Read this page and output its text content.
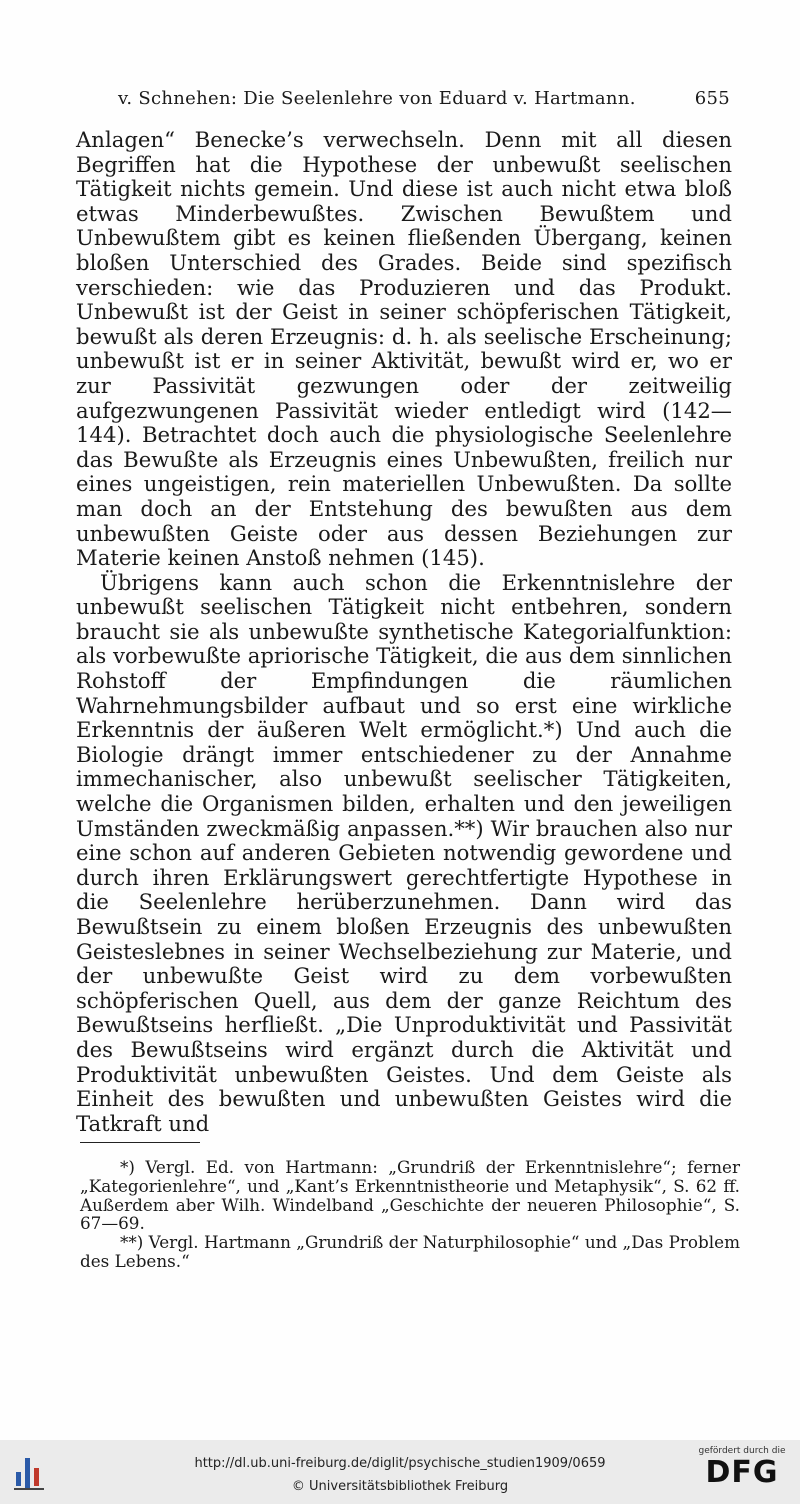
v. Schnehen: Die Seelenlehre von Eduard v. Hartmann.	655

Anlagen“ Benecke’s verwechseln. Denn mit all diesen Begriffen hat die Hypothese der unbewußt seelischen Tätigkeit nichts gemein. Und diese ist auch nicht etwa bloß etwas Minderbewußtes. Zwischen Bewußtem und Unbewußtem gibt es keinen fließenden Übergang, keinen bloßen Unterschied des Grades. Beide sind spezifisch verschieden: wie das Produzieren und das Produkt. Unbewußt ist der Geist in seiner schöpferischen Tätigkeit, bewußt als deren Erzeugnis: d. h. als seelische Erscheinung; unbewußt ist er in seiner Aktivität, bewußt wird er, wo er zur Passivität gezwungen oder der zeitweilig aufgezwungenen Passivität wieder entledigt wird (142—144). Betrachtet doch auch die physiologische Seelenlehre das Bewußte als Erzeugnis eines Unbewußten, freilich nur eines ungeistigen, rein materiellen Unbewußten. Da sollte man doch an der Entstehung des bewußten aus dem unbewußten Geiste oder aus dessen Beziehungen zur Materie keinen Anstoß nehmen (145).

Übrigens kann auch schon die Erkenntnislehre der unbewußt seelischen Tätigkeit nicht entbehren, sondern braucht sie als unbewußte synthetische Kategorialfunktion: als vorbewußte apriorische Tätigkeit, die aus dem sinnlichen Rohstoff der Empfindungen die räumlichen Wahrnehmungsbilder aufbaut und so erst eine wirkliche Erkenntnis der äußeren Welt ermöglicht.*) Und auch die Biologie drängt immer entschiedener zu der Annahme immechanischer, also unbewußt seelischer Tätigkeiten, welche die Organismen bilden, erhalten und den jeweiligen Umständen zweckmäßig anpassen.**) Wir brauchen also nur eine schon auf anderen Gebieten notwendig gewordene und durch ihren Erklärungswert gerechtfertigte Hypothese in die Seelenlehre herüberzunehmen. Dann wird das Bewußtsein zu einem bloßen Erzeugnis des unbewußten Geisteslebnes in seiner Wechselbeziehung zur Materie, und der unbewußte Geist wird zu dem vorbewußten schöpferischen Quell, aus dem der ganze Reichtum des Bewußtseins herfließt. „Die Unproduktivität und Passivität des Bewußtseins wird ergänzt durch die Aktivität und Produktivität unbewußten Geistes. Und dem Geiste als Einheit des bewußten und unbewußten Geistes wird die Tatkraft und

*) Vergl. Ed. von Hartmann: „Grundriß der Erkenntnislehre“; ferner „Kategorienlehre“, und „Kant’s Erkenntnistheorie und Metaphysik“, S. 62 ff. Außerdem aber Wilh. Windelband „Geschichte der neueren Philosophie“, S. 67—69.

**) Vergl. Hartmann „Grundriß der Naturphilosophie“ und „Das Problem des Lebens.“

http://dl.ub.uni-freiburg.de/diglit/psychische_studien1909/0659
© Universitätsbibliothek Freiburg
gefördert durch die
DFG
